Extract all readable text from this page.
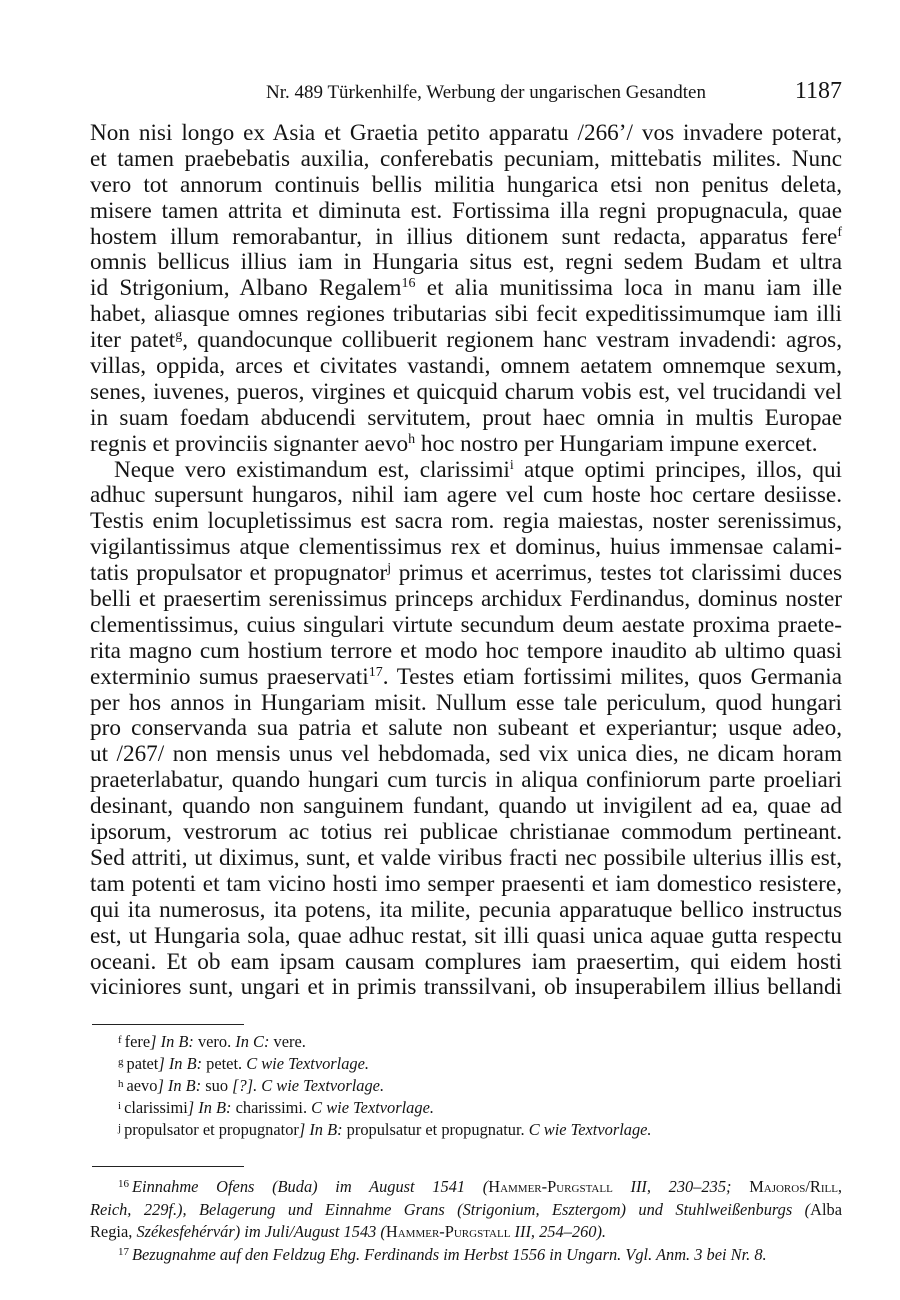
Nr. 489 Türkenhilfe, Werbung der ungarischen Gesandten	1187
Non nisi longo ex Asia et Graetia petito apparatu /266’/ vos invadere poterat,
et tamen praebebatis auxilia, conferebatis pecuniam, mittebatis milites. Nunc
vero tot annorum continuis bellis militia hungarica etsi non penitus deleta,
misere tamen attrita et diminuta est. Fortissima illa regni propugnacula, quae
hostem illum remorabantur, in illius ditionem sunt redacta, apparatus fere$^f$
omnis bellicus illius iam in Hungaria situs est, regni sedem Budam et ultra
id Strigonium, Albano Regalem$^{16}$ et alia munitissima loca in manu iam ille
habet, aliasque omnes regiones tributarias sibi fecit expeditissimumque iam illi
iter patet$^g$, quandocunque collibuerit regionem hanc vestram invadendi: agros,
villas, oppida, arces et civitates vastandi, omnem aetatem omnemque sexum,
senes, iuvenes, pueros, virgines et quicquid charum vobis est, vel trucidandi vel
in suam foedam abducendi servitutem, prout haec omnia in multis Europae
regnis et provinciis signanter aevo$^h$ hoc nostro per Hungariam impune exercet.
Neque vero existimandum est, clarissimi$^i$ atque optimi principes, illos, qui
adhuc supersunt hungaros, nihil iam agere vel cum hoste hoc certare desiisse.
Testis enim locupletissimus est sacra rom. regia maiestas, noster serenissimus,
vigilantissimus atque clementissimus rex et dominus, huius immensae calami-
tatis propulsator et propugnator$^j$ primus et acerrimus, testes tot clarissimi duces
belli et praesertim serenissimus princeps archidux Ferdinandus, dominus noster
clementissimus, cuius singulari virtute secundum deum aestate proxima praete-
rita magno cum hostium terrore et modo hoc tempore inaudito ab ultimo quasi
exterminio sumus praeservati$^{17}$. Testes etiam fortissimi milites, quos Germania
per hos annos in Hungariam misit. Nullum esse tale periculum, quod hungari
pro conservanda sua patria et salute non subeant et experiantur; usque adeo,
ut /267/ non mensis unus vel hebdomada, sed vix unica dies, ne dicam horam
praeterlabatur, quando hungari cum turcis in aliqua confiniorum parte proeliari
desinant, quando non sanguinem fundant, quando ut invigilent ad ea, quae ad
ipsorum, vestrorum ac totius rei publicae christianae commodum pertineant.
Sed attriti, ut diximus, sunt, et valde viribus fracti nec possibile ulterius illis est,
tam potenti et tam vicino hosti imo semper praesenti et iam domestico resistere,
qui ita numerosus, ita potens, ita milite, pecunia apparatuque bellico instructus
est, ut Hungaria sola, quae adhuc restat, sit illi quasi unica aquae gutta respectu
oceani. Et ob eam ipsam causam complures iam praesertim, qui eidem hosti
viciniores sunt, ungari et in primis transsilvani, ob insuperabilem illius bellandi
$^f$ fere] In B: vero. In C: vere.
$^g$ patet] In B: petet. C wie Textvorlage.
$^h$ aevo] In B: suo [?]. C wie Textvorlage.
$^i$ clarissimi] In B: charissimi. C wie Textvorlage.
$^j$ propulsator et propugnator] In B: propulsatur et propugnatur. C wie Textvorlage.
$^{16}$ Einnahme Ofens (Buda) im August 1541 (Hammer-Purgstall III, 230–235; Majoros/Rill,
Reich, 229f.), Belagerung und Einnahme Grans (Strigonium, Esztergom) und Stuhlweißenburgs (Alba
Regia, Székesfehérvár) im Juli/August 1543 (Hammer-Purgstall III, 254–260).
$^{17}$ Bezugnahme auf den Feldzug Ehg. Ferdinands im Herbst 1556 in Ungarn. Vgl. Anm. 3 bei Nr. 8.
